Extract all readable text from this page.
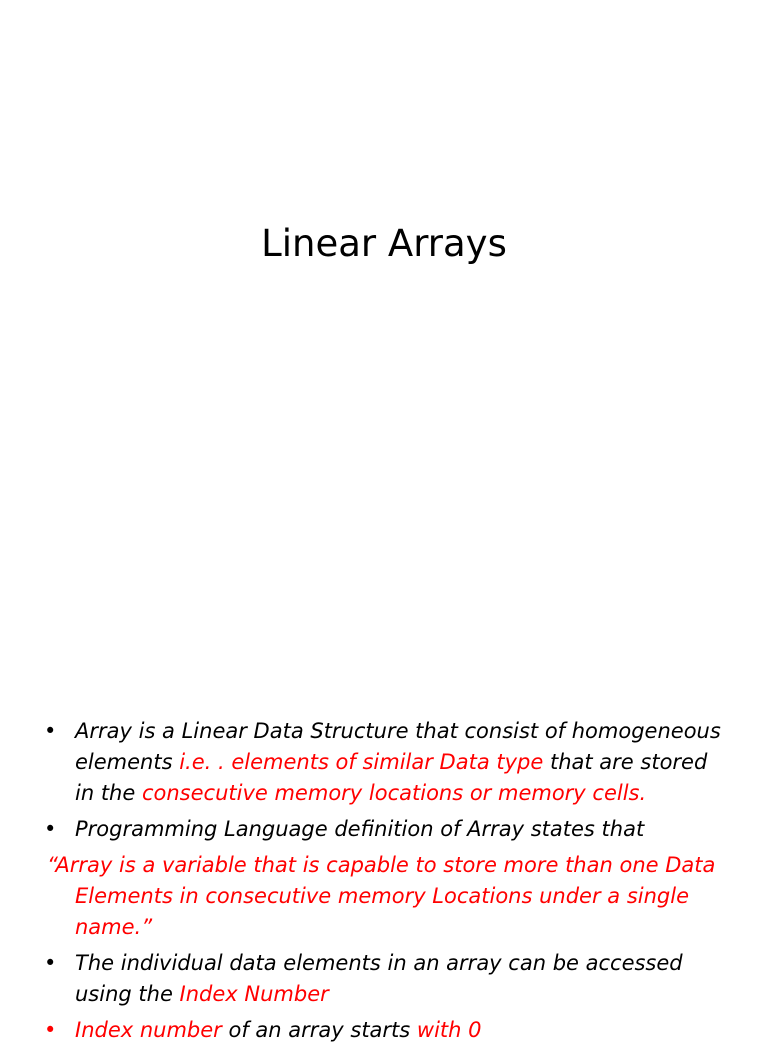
Linear Arrays
• Array is a Linear Data Structure that consist of homogeneous elements i.e. . elements of similar Data type that are stored in the consecutive memory locations or memory cells.
• Programming Language definition of Array states that
“Array is a variable that is capable to store more than one Data Elements in consecutive memory Locations under a single name.”
• The individual data elements in an array can be accessed using the Index Number
• Index number of an array starts with 0
